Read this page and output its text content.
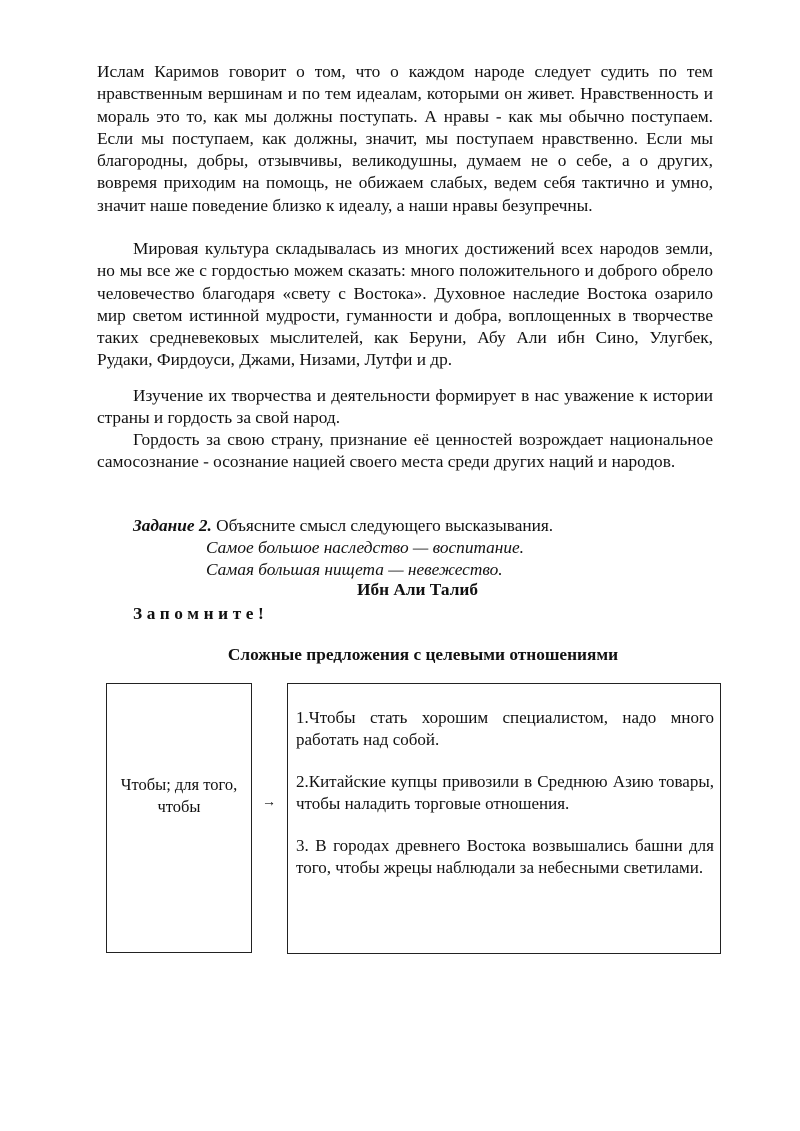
Ислам Каримов говорит о том, что о каждом народе следует судить по тем нравственным вершинам и по тем идеалам, которыми он живет. Нравственность и мораль это то, как мы должны поступать. А нравы - как мы обычно поступаем. Если мы поступаем, как должны, значит, мы поступаем нравственно. Если мы благородны, добры, отзывчивы, великодушны, думаем не о себе, а о других, вовремя приходим на помощь, не обижаем слабых, ведем себя тактично и умно, значит наше поведение близко к идеалу, а наши нравы безупречны.

Мировая культура складывалась из многих достижений всех народов земли, но мы все же с гордостью можем сказать: много положительного и доброго обрело человечество благодаря «свету с Востока». Духовное наследие Востока озарило мир светом истинной мудрости, гуманности и добра, воплощенных в творчестве таких средневековых мыслителей, как Беруни, Абу Али ибн Сино, Улугбек, Рудаки, Фирдоуси, Джами, Низами, Лутфи и др.

Изучение их творчества и деятельности формирует в нас уважение к истории страны и гордость за свой народ.

Гордость за свою страну, признание её ценностей возрождает национальное самосознание - осознание нацией своего места среди других наций и народов.

Задание 2. Объясните смысл следующего высказывания.
Самое большое наследство — воспитание.
Самая большая нищета — невежество.
Ибн Али Талиб
Запомните!
Сложные предложения с целевыми отношениями
Чтобы; для того, чтобы	→

1.Чтобы стать хорошим специалистом, надо много работать над собой.

2.Китайские купцы привозили в Среднюю Азию товары, чтобы наладить торговые отношения.

3. В городах древнего Востока возвышались башни для того, чтобы жрецы наблюдали за небесными светилами.
